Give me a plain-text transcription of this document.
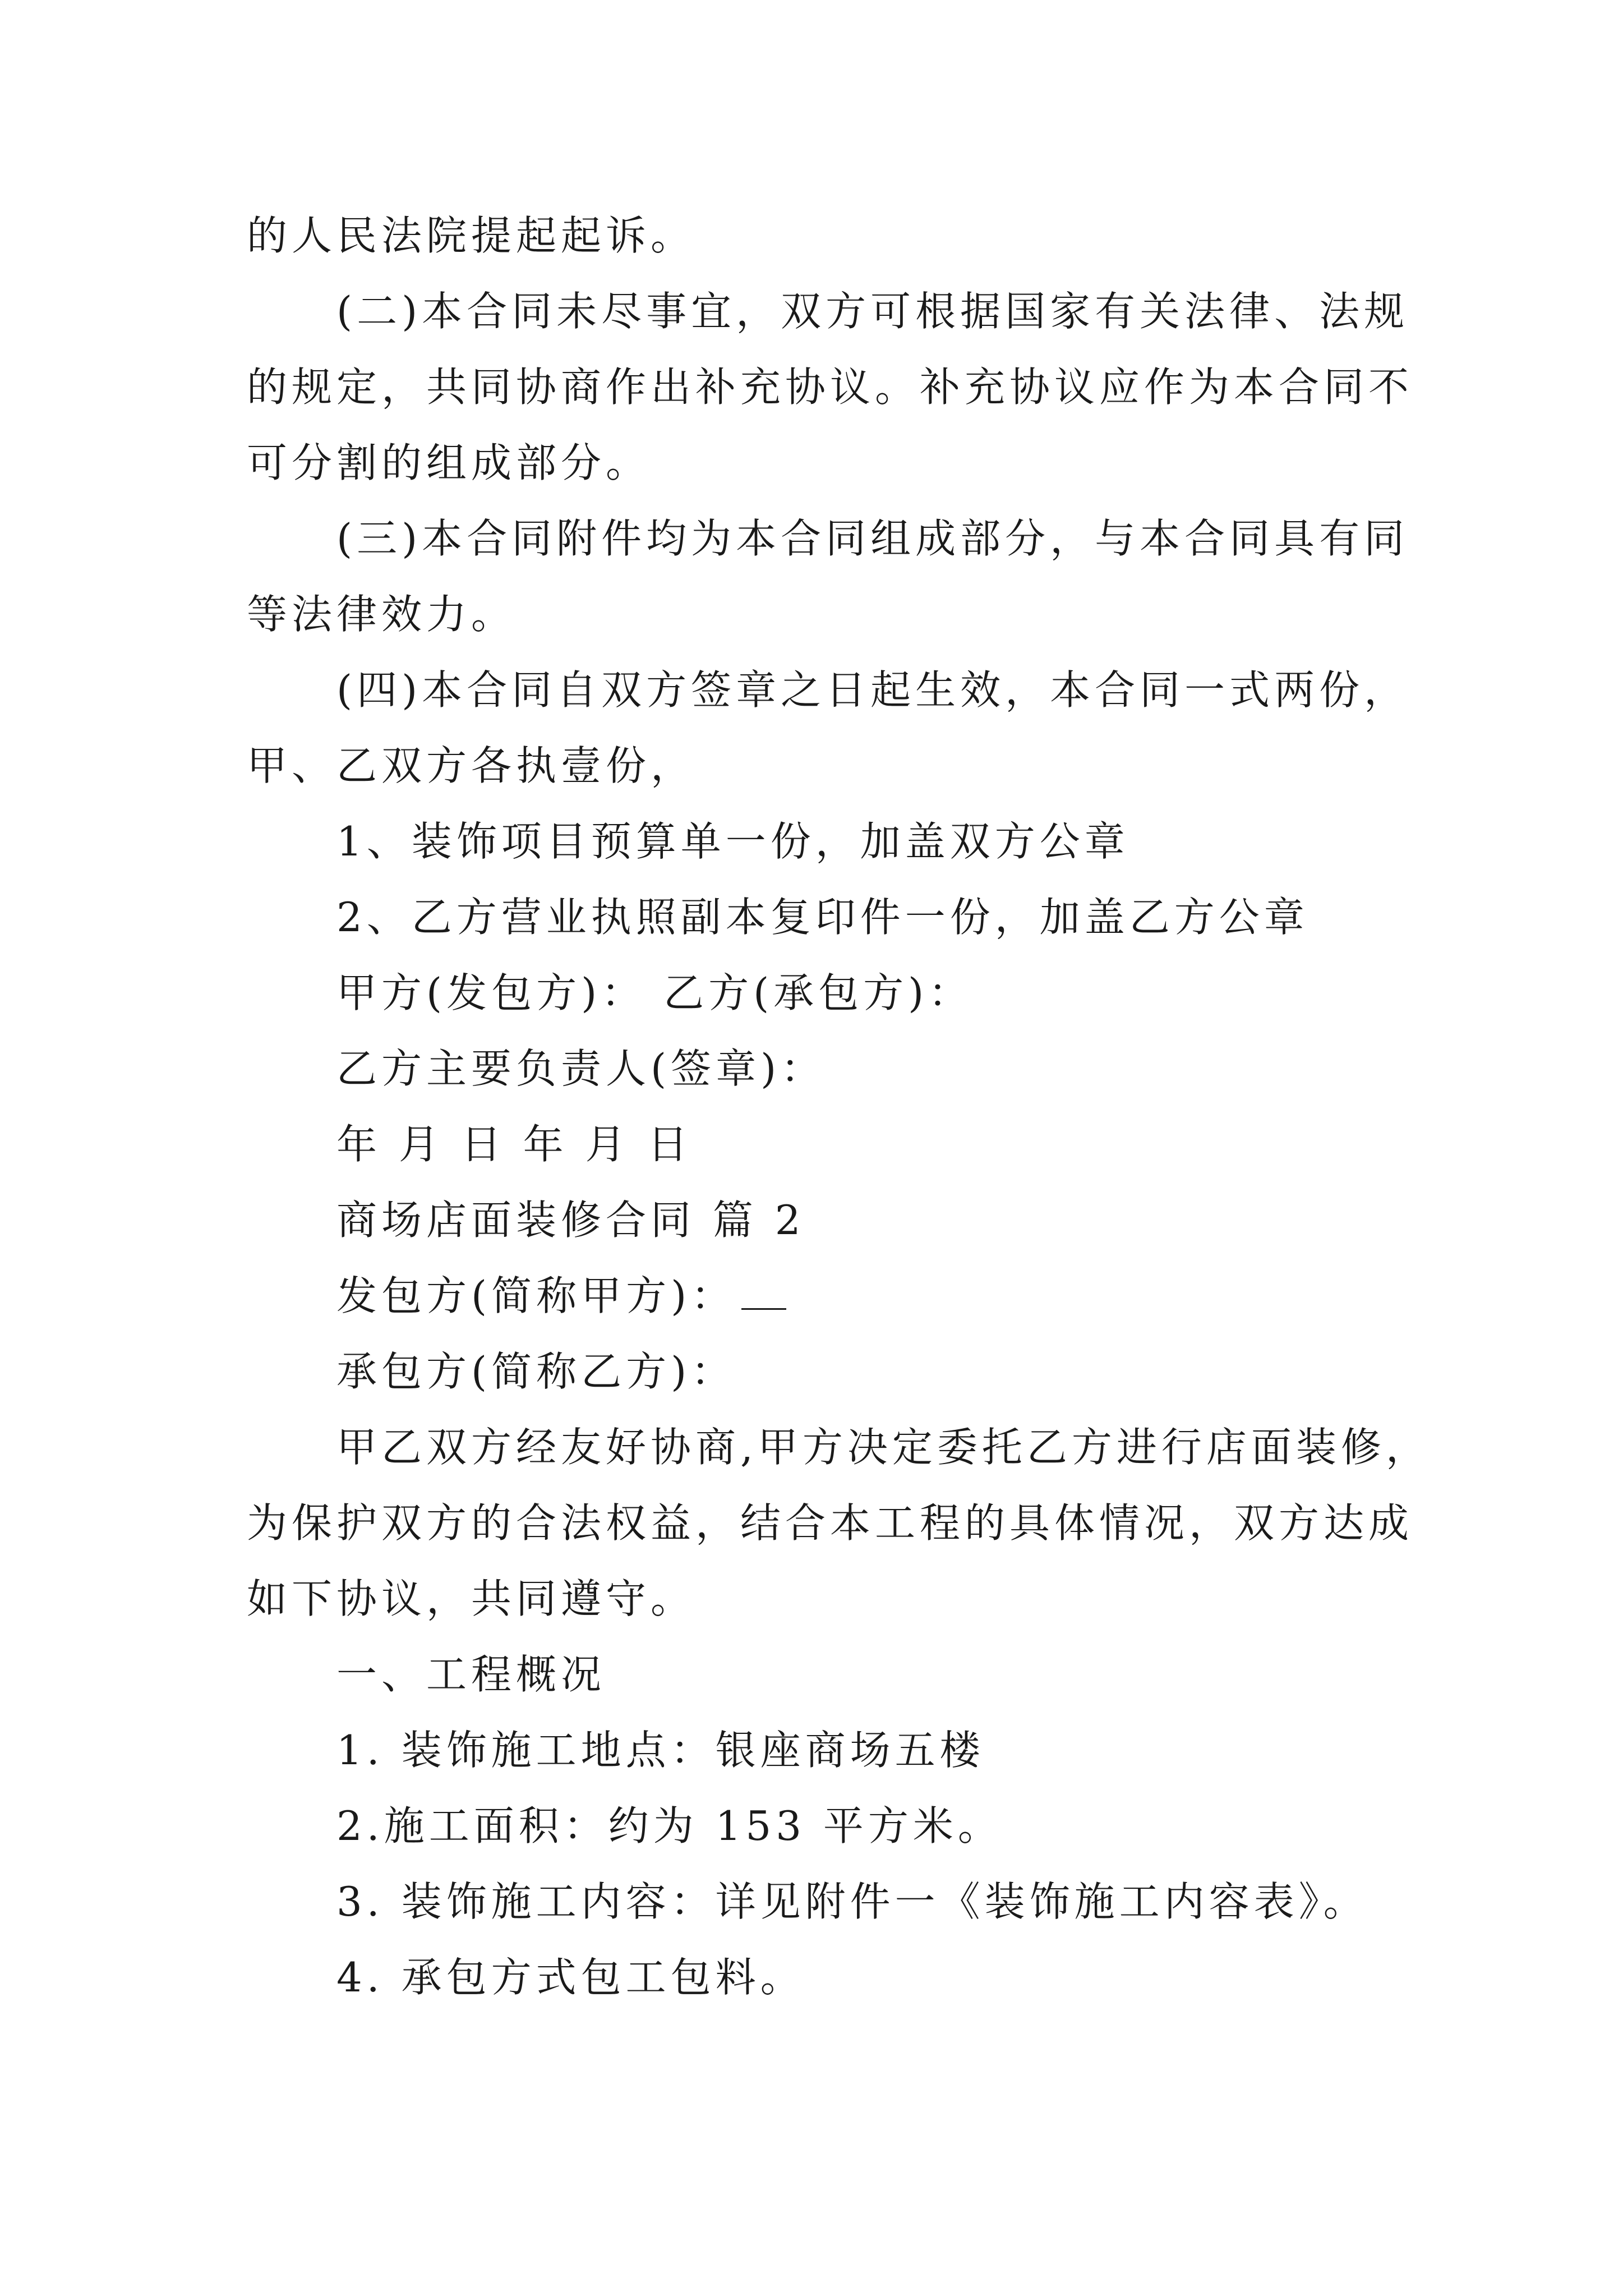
的人民法院提起起诉。
(二)本合同未尽事宜，双方可根据国家有关法律、法规
的规定，共同协商作出补充协议。补充协议应作为本合同不
可分割的组成部分。
(三)本合同附件均为本合同组成部分，与本合同具有同
等法律效力。
(四)本合同自双方签章之日起生效，本合同一式两份，
甲、乙双方各执壹份，
1、装饰项目预算单一份，加盖双方公章
2、乙方营业执照副本复印件一份，加盖乙方公章
甲方(发包方)： 乙方(承包方)：
乙方主要负责人(签章)：
年 月 日 年 月 日
商场店面装修合同 篇 2
发包方(简称甲方)：
承包方(简称乙方)：
甲乙双方经友好协商,甲方决定委托乙方进行店面装修，
为保护双方的合法权益，结合本工程的具体情况，双方达成
如下协议，共同遵守。
一、工程概况
1. 装饰施工地点：银座商场五楼
2.施工面积：约为 153 平方米。
3. 装饰施工内容：详见附件一《装饰施工内容表》。
4. 承包方式包工包料。
